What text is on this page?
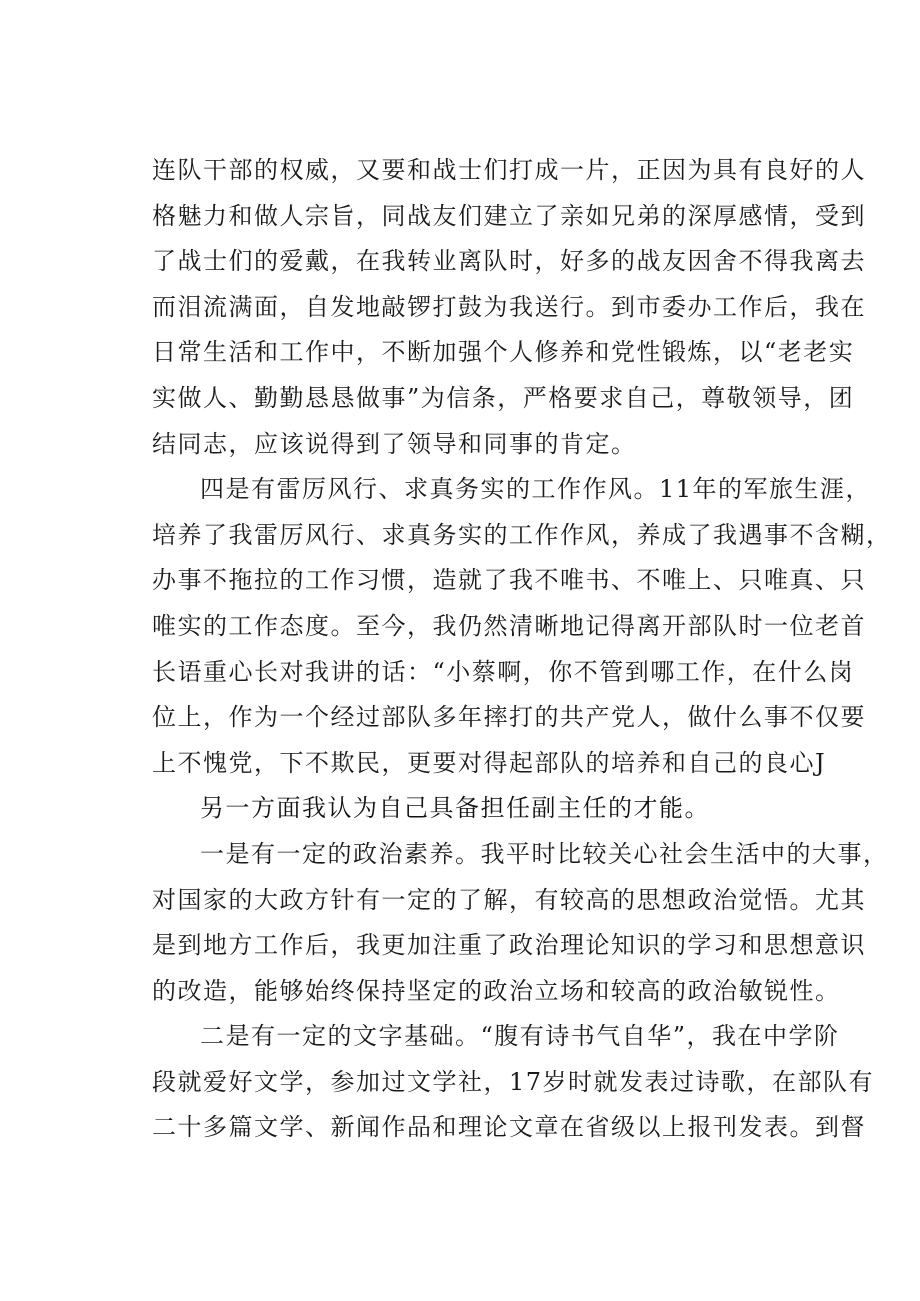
连队干部的权威，又要和战士们打成一片，正因为具有良好的人
格魅力和做人宗旨，同战友们建立了亲如兄弟的深厚感情，受到
了战士们的爱戴，在我转业离队时，好多的战友因舍不得我离去
而泪流满面，自发地敲锣打鼓为我送行。到市委办工作后，我在
日常生活和工作中，不断加强个人修养和党性锻炼，以“老老实
实做人、勤勤恳恳做事”为信条，严格要求自己，尊敬领导，团
结同志，应该说得到了领导和同事的肯定。
四是有雷厉风行、求真务实的工作作风。11年的军旅生涯，
培养了我雷厉风行、求真务实的工作作风，养成了我遇事不含糊，
办事不拖拉的工作习惯，造就了我不唯书、不唯上、只唯真、只
唯实的工作态度。至今，我仍然清晰地记得离开部队时一位老首
长语重心长对我讲的话：“小蔡啊，你不管到哪工作，在什么岗
位上，作为一个经过部队多年摔打的共产党人，做什么事不仅要
上不愧党，下不欺民，更要对得起部队的培养和自己的良心J
另一方面我认为自己具备担任副主任的才能。
一是有一定的政治素养。我平时比较关心社会生活中的大事，
对国家的大政方针有一定的了解，有较高的思想政治觉悟。尤其
是到地方工作后，我更加注重了政治理论知识的学习和思想意识
的改造，能够始终保持坚定的政治立场和较高的政治敏锐性。
二是有一定的文字基础。“腹有诗书气自华”，我在中学阶
段就爱好文学，参加过文学社，17岁时就发表过诗歌，在部队有
二十多篇文学、新闻作品和理论文章在省级以上报刊发表。到督
